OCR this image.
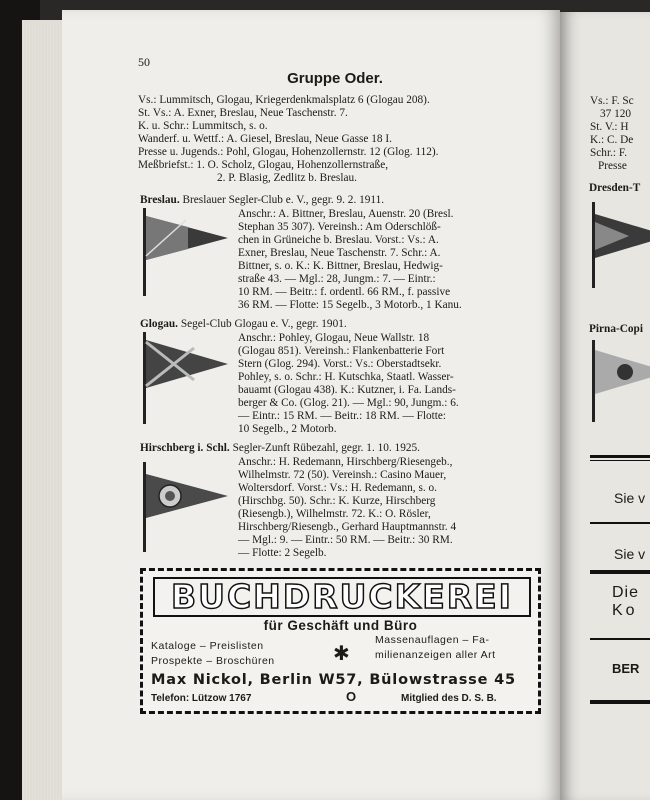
50
Gruppe Oder.
Vs.: Lummitsch, Glogau, Kriegerdenkmalsplatz 6 (Glogau 208).
St. Vs.: A. Exner, Breslau, Neue Taschenstr. 7.
K. u. Schr.: Lummitsch, s. o.
Wanderf. u. Wettf.: A. Giesel, Breslau, Neue Gasse 18 I.
Presse u. Jugends.: Pohl, Glogau, Hohenzollernstr. 12 (Glog. 112).
Meßbriefst.: 1. O. Scholz, Glogau, Hohenzollernstraße,
2. P. Blasig, Zedlitz b. Breslau.
Breslau. Breslauer Segler-Club e. V., gegr. 9. 2. 1911.
Anschr.: A. Bittner, Breslau, Auenstr. 20 (Bresl.
Stephan 35 307). Vereinsh.: Am Oderschlöß-
chen in Grüneiche b. Breslau. Vorst.: Vs.: A.
Exner, Breslau, Neue Taschenstr. 7. Schr.: A.
Bittner, s. o. K.: K. Bittner, Breslau, Hedwig-
straße 43. — Mgl.: 28, Jungm.: 7. — Eintr.:
10 RM. — Beitr.: f. ordentl. 66 RM., f. passive
36 RM. — Flotte: 15 Segelb., 3 Motorb., 1 Kanu.
Glogau. Segel-Club Glogau e. V., gegr. 1901.
Anschr.: Pohley, Glogau, Neue Wallstr. 18
(Glogau 851). Vereinsh.: Flankenbatterie Fort
Stern (Glog. 294). Vorst.: Vs.: Oberstadtsekr.
Pohley, s. o. Schr.: H. Kutschka, Staatl. Wasser-
bauamt (Glogau 438). K.: Kutzner, i. Fa. Lands-
berger & Co. (Glog. 21). — Mgl.: 90, Jungm.: 6.
— Eintr.: 15 RM. — Beitr.: 18 RM. — Flotte:
10 Segelb., 2 Motorb.
Hirschberg i. Schl. Segler-Zunft Rübezahl, gegr. 1. 10. 1925.
Anschr.: H. Redemann, Hirschberg/Riesengeb.,
Wilhelmstr. 72 (50). Vereinsh.: Casino Mauer,
Woltersdorf. Vorst.: Vs.: H. Redemann, s. o.
(Hirschbg. 50). Schr.: K. Kurze, Hirschberg
(Riesengb.), Wilhelmstr. 72. K.: O. Rösler,
Hirschberg/Riesengb., Gerhard Hauptmannstr. 4
— Mgl.: 9. — Eintr.: 50 RM. — Beitr.: 30 RM.
— Flotte: 2 Segelb.
BUCHDRUCKEREI
für Geschäft und Büro
Kataloge – Preislisten
Prospekte – Broschüren	✱
Massenauflagen – Fa-
milienanzeigen aller Art
Max Nickol, Berlin W57, Bülowstrasse 45
Telefon: Lützow 1767	O	Mitglied des D. S. B.
Vs.: F. Sc
37 120
St. V.: H
K.: C. De
Schr.: F.
Presse
Dresden-T
Pirna-Copi
Sie v
Sie v
Die
Ko
BER
